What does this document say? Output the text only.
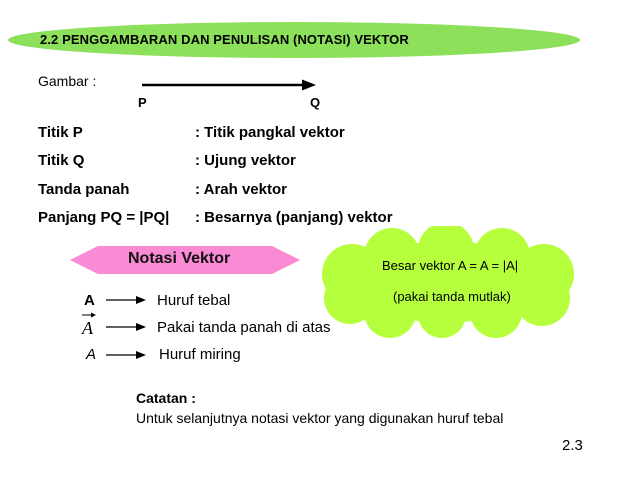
2.2 PENGGAMBARAN DAN PENULISAN (NOTASI) VEKTOR
Gambar :
P	Q
Titik P	: Titik pangkal vektor
Titik Q	: Ujung vektor
Tanda panah	: Arah vektor
Panjang PQ = |PQ| : Besarnya (panjang) vektor
Notasi Vektor	Besar vektor A = A = |A|
(pakai tanda mutlak)
A	Huruf tebal
A	Pakai tanda panah di atas
A	Huruf miring
Catatan :
Untuk selanjutnya notasi vektor yang digunakan huruf tebal
2.3
